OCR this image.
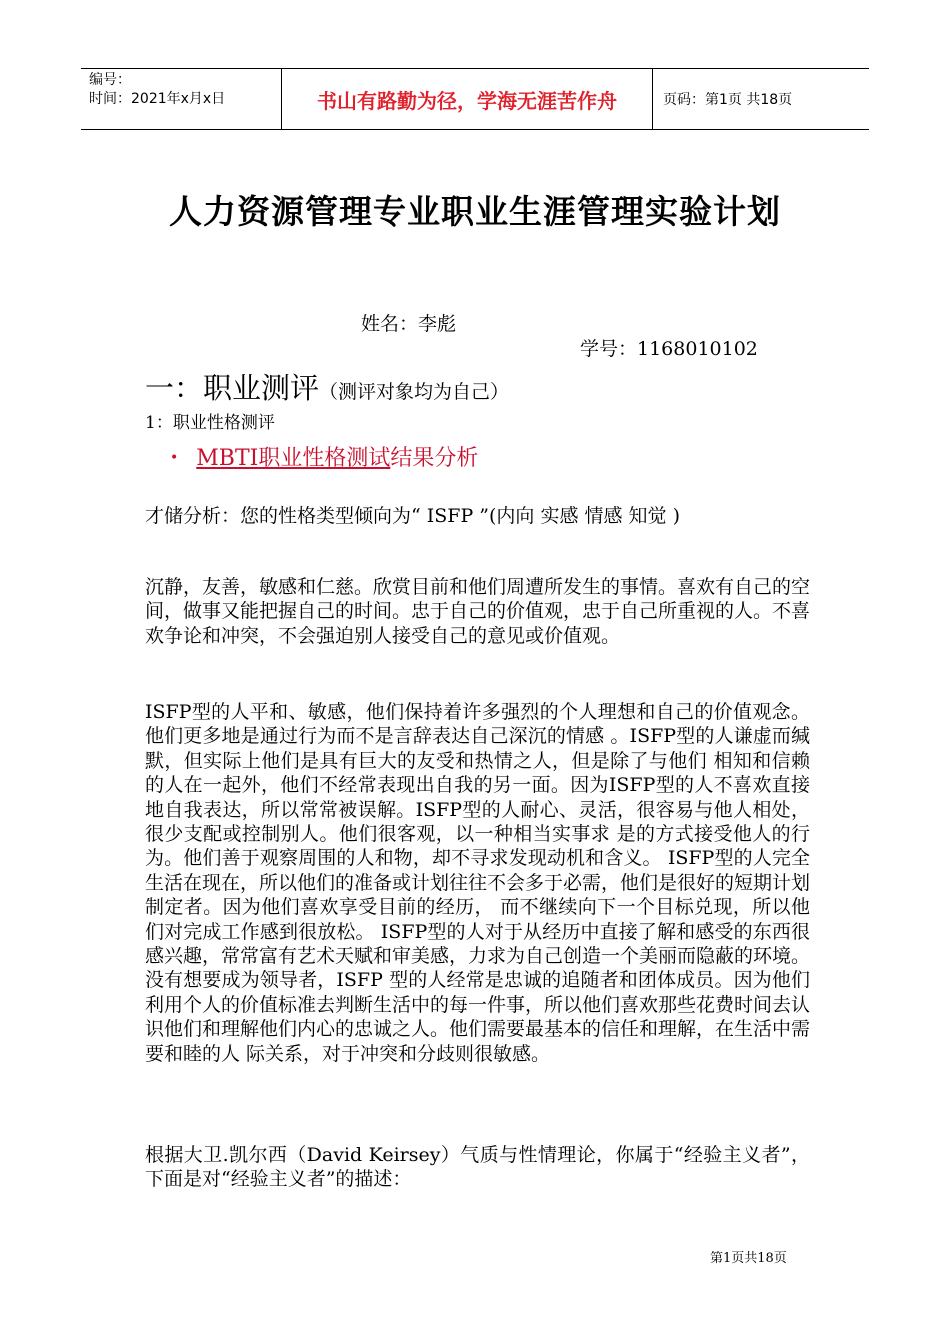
编号：
时间：2021年x月x日	书山有路勤为径，学海无涯苦作舟	页码：第1页 共18页
人力资源管理专业职业生涯管理实验计划
姓名：李彪
学号：1168010102
一：职业测评（测评对象均为自己）
1：职业性格测评
• MBTI职业性格测试结果分析
才储分析：您的性格类型倾向为“ ISFP ”(内向 实感 情感 知觉 )
沉静，友善，敏感和仁慈。欣赏目前和他们周遭所发生的事情。喜欢有自己的空间，做事又能把握自己的时间。忠于自己的价值观，忠于自己所重视的人。不喜欢争论和冲突，不会强迫别人接受自己的意见或价值观。
ISFP型的人平和、敏感，他们保持着许多强烈的个人理想和自己的价值观念。他们更多地是通过行为而不是言辞表达自己深沉的情感 。ISFP型的人谦虚而缄默，但实际上他们是具有巨大的友受和热情之人，但是除了与他们 相知和信赖的人在一起外，他们不经常表现出自我的另一面。因为ISFP型的人不喜欢直接地自我表达，所以常常被误解。ISFP型的人耐心、灵活，很容易与他人相处，很少支配或控制别人。他们很客观，以一种相当实事求 是的方式接受他人的行为。他们善于观察周围的人和物，却不寻求发现动机和含义。 ISFP型的人完全生活在现在，所以他们的准备或计划往往不会多于必需，他们是很好的短期计划制定者。因为他们喜欢享受目前的经历， 而不继续向下一个目标兑现，所以他们对完成工作感到很放松。 ISFP型的人对于从经历中直接了解和感受的东西很感兴趣，常常富有艺术天赋和审美感，力求为自己创造一个美丽而隐蔽的环境。没有想要成为领导者，ISFP 型的人经常是忠诚的追随者和团体成员。因为他们利用个人的价值标准去判断生活中的每一件事，所以他们喜欢那些花费时间去认识他们和理解他们内心的忠诚之人。他们需要最基本的信任和理解，在生活中需要和睦的人 际关系，对于冲突和分歧则很敏感。
根据大卫.凯尔西（David Keirsey）气质与性情理论，你属于“经验主义者”，下面是对“经验主义者”的描述：
第1页共18页
